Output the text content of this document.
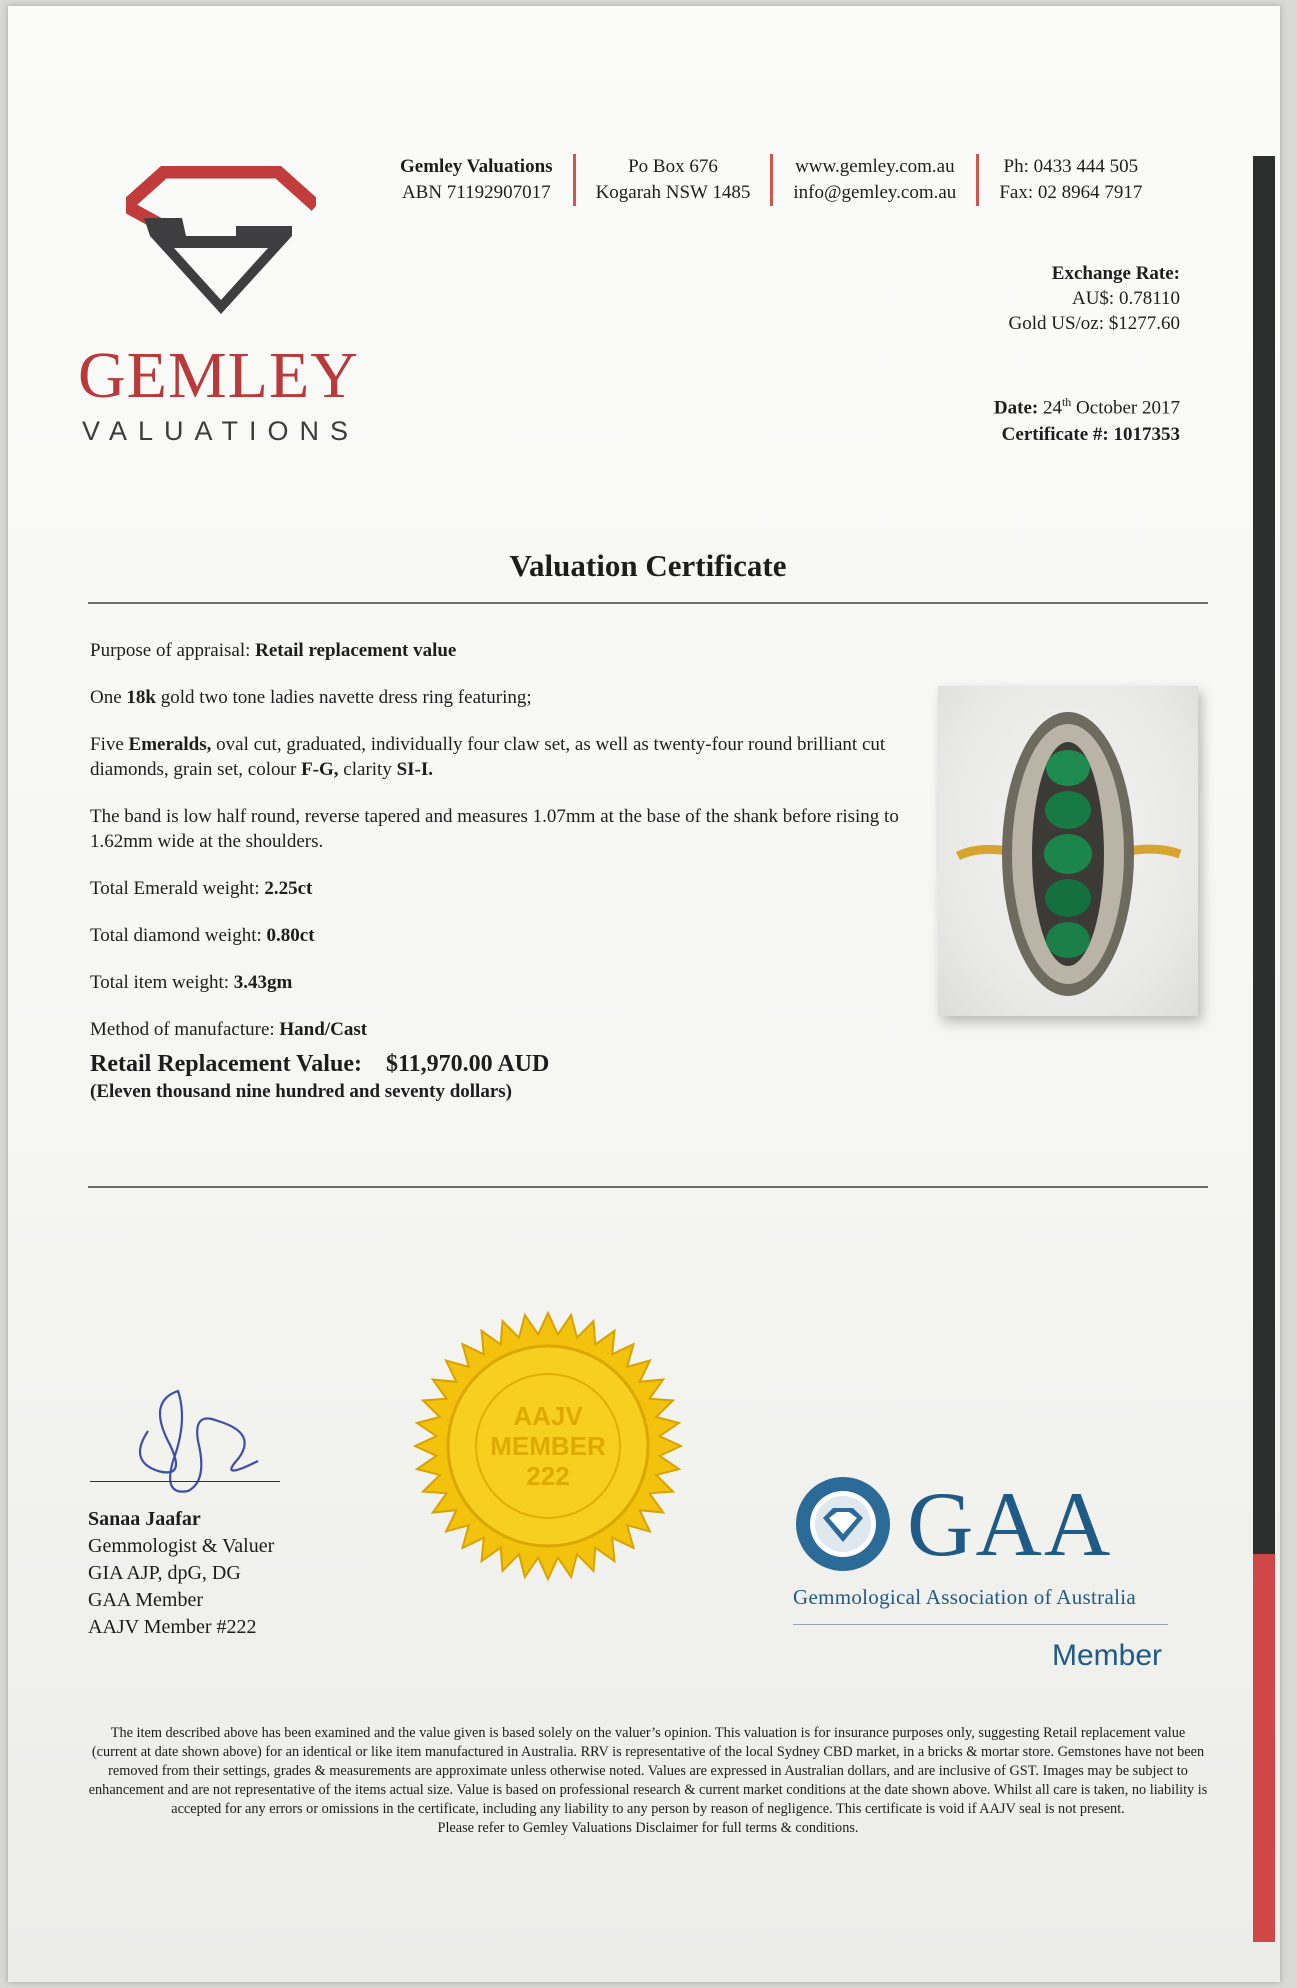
GEMLEY
VALUATIONS
Gemley Valuations
ABN 71192907017
Po Box 676
Kogarah NSW 1485
www.gemley.com.au
info@gemley.com.au
Ph: 0433 444 505
Fax: 02 8964 7917
Exchange Rate:
AU$: 0.78110
Gold US/oz: $1277.60
Date: 24th October 2017
Certificate #: 1017353
Valuation Certificate

Purpose of appraisal: Retail replacement value

One 18k gold two tone ladies navette dress ring featuring;

Five Emeralds, oval cut, graduated, individually four claw set, as well as twenty-four round brilliant cut diamonds, grain set, colour F-G, clarity SI-I.

The band is low half round, reverse tapered and measures 1.07mm at the base of the shank before rising to 1.62mm wide at the shoulders.

Total Emerald weight: 2.25ct

Total diamond weight: 0.80ct

Total item weight: 3.43gm

Method of manufacture: Hand/Cast

Retail Replacement Value: $11,970.00 AUD
(Eleven thousand nine hundred and seventy dollars)
Sanaa Jaafar
Gemmologist & Valuer
GIA AJP, dpG, DG
GAA Member
AAJV Member #222
AAJV
MEMBER
222	GAA
Gemmological Association of Australia
Member
The item described above has been examined and the value given is based solely on the valuer’s opinion. This valuation is for insurance purposes only, suggesting Retail replacement value (current at date shown above) for an identical or like item manufactured in Australia. RRV is representative of the local Sydney CBD market, in a bricks & mortar store. Gemstones have not been removed from their settings, grades & measurements are approximate unless otherwise noted. Values are expressed in Australian dollars, and are inclusive of GST. Images may be subject to enhancement and are not representative of the items actual size. Value is based on professional research & current market conditions at the date shown above. Whilst all care is taken, no liability is accepted for any errors or omissions in the certificate, including any liability to any person by reason of negligence. This certificate is void if AAJV seal is not present.
Please refer to Gemley Valuations Disclaimer for full terms & conditions.
